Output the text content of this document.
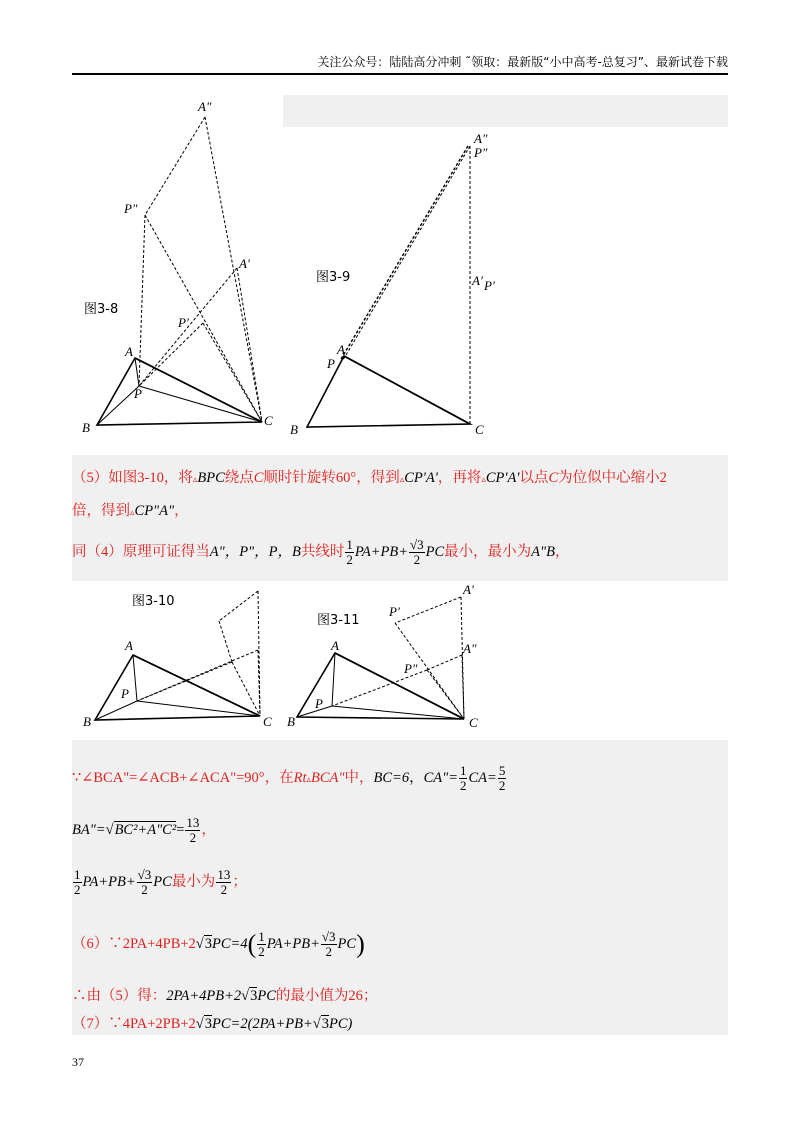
关注公众号：陆陆高分冲刺 ˜领取：最新版“小中高考-总复习”、最新试卷下载
图3-8
A"
P"
A'
P'
A
P
B	C
图3-9
A"
P"
A' P'
A
P
B	C
（5）如图3-10，将▵BPC绕点C顺时针旋转60°，得到▵CP'A'，再将▵CP'A'以点C为位似中心缩小2
倍，得到▵CP"A"，
同（4）原理可证得当A"，P"，P，B共线时 $\frac{1}{2} PA+PB+ \frac{√3}{2}$ PC最小，最小为A"B，
图3-10
A
P
B	C
图3-11
P'
A'
P"
A"
A
P
B	C
∵∠BCA"=∠ACB+∠ACA"=90°，在Rt▵BCA"中，BC=6，CA"= $\frac{1}{2} CA= \frac{5}{2}$
BA"=√BC²+A"C²= $\frac{13}{2}$ ，
$\frac{1}{2} PA+PB+ \frac{√3}{2}$ PC最小为 $\frac{13}{2}$ ；
（6）∵2PA+4PB+2√3PC=4( $\frac{1}{2} PA+PB+ \frac{√3}{2} PC$)
∴由（5）得：2PA+4PB+2√3PC的最小值为26；
（7）∵4PA+2PB+2√3PC=2(2PA+PB+√3PC)
37
